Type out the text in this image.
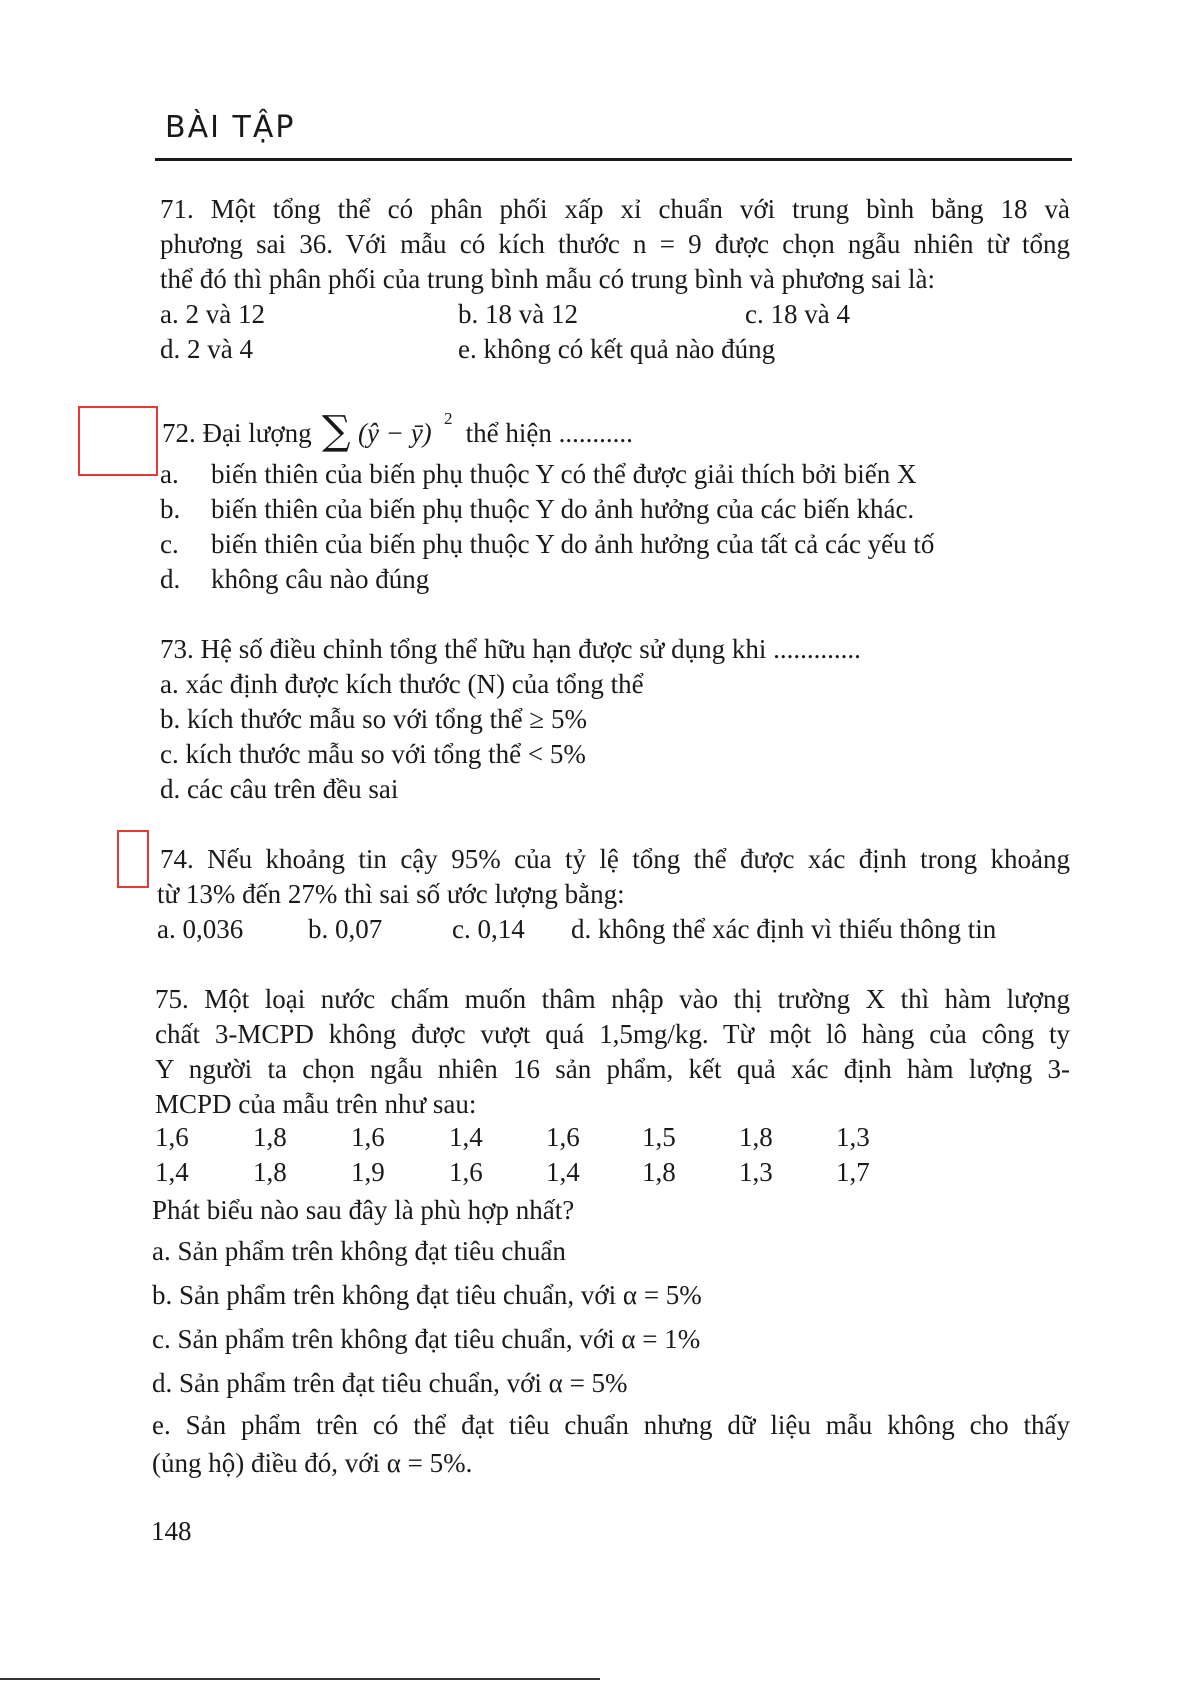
BÀI TẬP
71. Một tổng thể có phân phối xấp xỉ chuẩn với trung bình bằng 18 và
phương sai 36. Với mẫu có kích thước n = 9 được chọn ngẫu nhiên từ tổng
thể đó thì phân phối của trung bình mẫu có trung bình và phương sai là:
a. 2 và 12	b. 18 và 12	c. 18 và 4
d. 2 và 4	e. không có kết quả nào đúng
72. Đại lượng ∑ (ŷ − ȳ) 2 thể hiện ...........
a. biến thiên của biến phụ thuộc Y có thể được giải thích bởi biến X
b. biến thiên của biến phụ thuộc Y do ảnh hưởng của các biến khác.
c. biến thiên của biến phụ thuộc Y do ảnh hưởng của tất cả các yếu tố
d. không câu nào đúng
73. Hệ số điều chỉnh tổng thể hữu hạn được sử dụng khi .............
a. xác định được kích thước (N) của tổng thể
b. kích thước mẫu so với tổng thể ≥ 5%
c. kích thước mẫu so với tổng thể < 5%
d. các câu trên đều sai
74. Nếu khoảng tin cậy 95% của tỷ lệ tổng thể được xác định trong khoảng
từ 13% đến 27% thì sai số ước lượng bằng:
a. 0,036 b. 0,07	c. 0,14 d. không thể xác định vì thiếu thông tin
75. Một loại nước chấm muốn thâm nhập vào thị trường X thì hàm lượng
chất 3-MCPD không được vượt quá 1,5mg/kg. Từ một lô hàng của công ty
Y người ta chọn ngẫu nhiên 16 sản phẩm, kết quả xác định hàm lượng 3-
MCPD của mẫu trên như sau:
1,6 1,8 1,6 1,4 1,6 1,5 1,8 1,3
1,4 1,8 1,9 1,6 1,4 1,8 1,3 1,7
Phát biểu nào sau đây là phù hợp nhất?
a. Sản phẩm trên không đạt tiêu chuẩn
b. Sản phẩm trên không đạt tiêu chuẩn, với α = 5%
c. Sản phẩm trên không đạt tiêu chuẩn, với α = 1%
d. Sản phẩm trên đạt tiêu chuẩn, với α = 5%
e. Sản phẩm trên có thể đạt tiêu chuẩn nhưng dữ liệu mẫu không cho thấy
(ủng hộ) điều đó, với α = 5%.
148
